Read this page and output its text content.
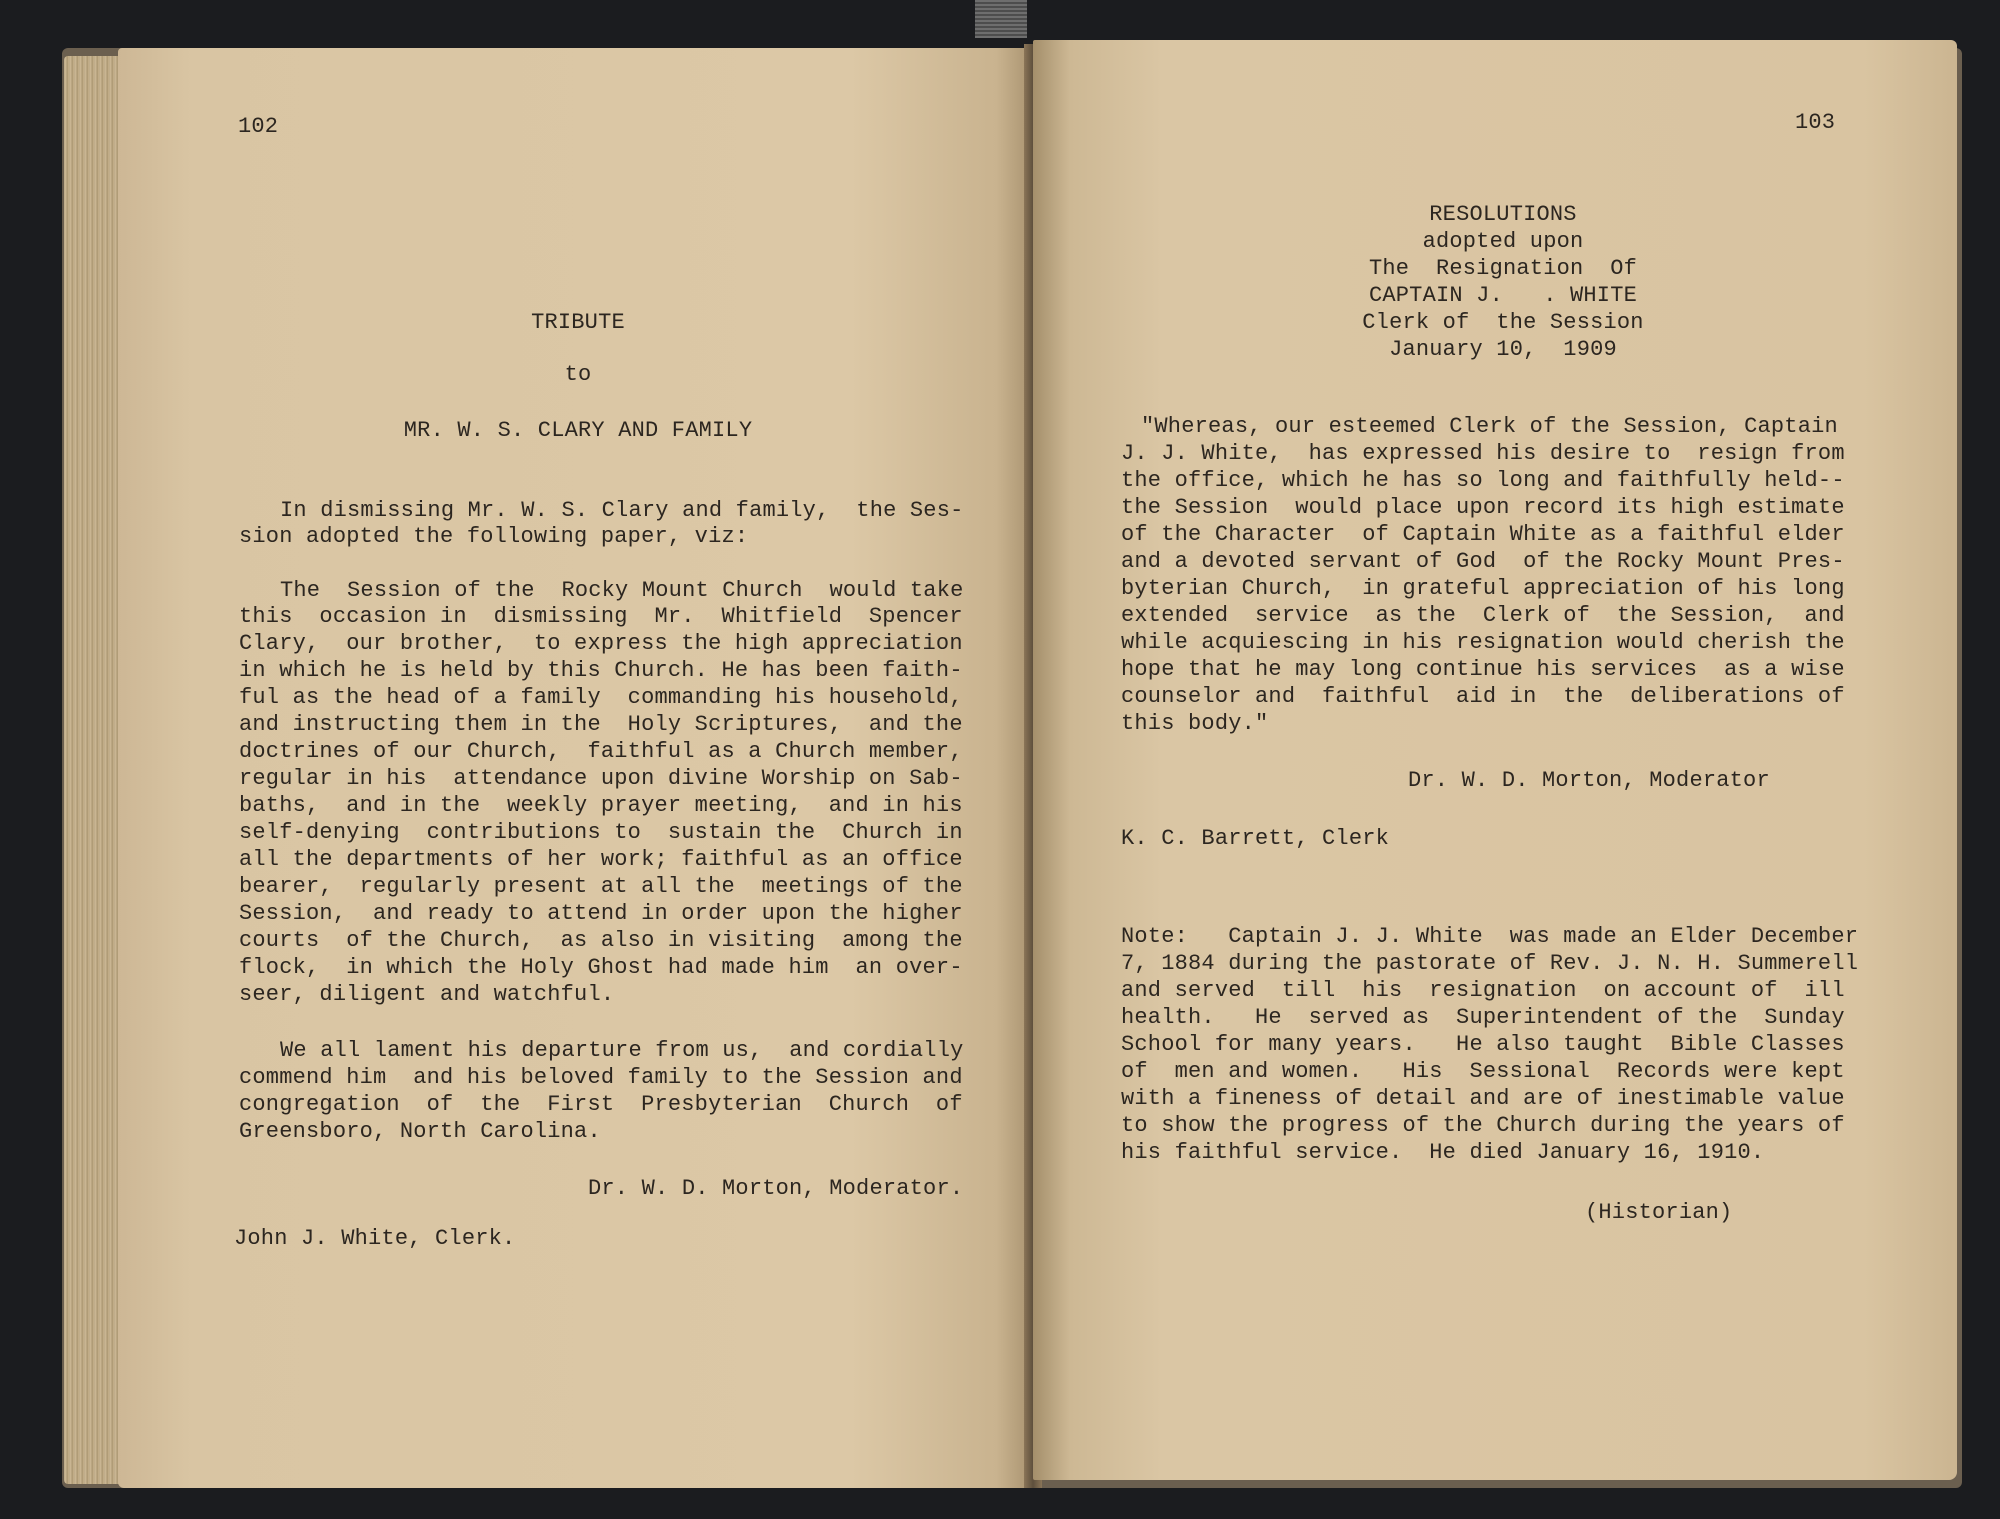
102
TRIBUTE
to
MR. W. S. CLARY AND FAMILY
In dismissing Mr. W. S. Clary and family,  the Ses-
sion adopted the following paper, viz:
The  Session of the  Rocky Mount Church  would take
this  occasion in  dismissing  Mr.  Whitfield  Spencer
Clary,  our brother,  to express the high appreciation
in which he is held by this Church. He has been faith-
ful as the head of a family  commanding his household,
and instructing them in the  Holy Scriptures,  and the
doctrines of our Church,  faithful as a Church member,
regular in his  attendance upon divine Worship on Sab-
baths,  and in the  weekly prayer meeting,  and in his
self-denying  contributions to  sustain the  Church in
all the departments of her work; faithful as an office
bearer,  regularly present at all the  meetings of the
Session,  and ready to attend in order upon the higher
courts  of the Church,  as also in visiting  among the
flock,  in which the Holy Ghost had made him  an over-
seer, diligent and watchful.
We all lament his departure from us,  and cordially
commend him  and his beloved family to the Session and
congregation  of  the  First  Presbyterian  Church  of
Greensboro, North Carolina.
Dr. W. D. Morton, Moderator.
John J. White, Clerk.
103
RESOLUTIONS
adopted upon
The  Resignation  Of
CAPTAIN J.   . WHITE
Clerk of  the Session
January 10,  1909
"Whereas, our esteemed Clerk of the Session, Captain
J. J. White,  has expressed his desire to  resign from
the office, which he has so long and faithfully held--
the Session  would place upon record its high estimate
of the Character  of Captain White as a faithful elder
and a devoted servant of God  of the Rocky Mount Pres-
byterian Church,  in grateful appreciation of his long
extended  service  as the  Clerk of  the Session,  and
while acquiescing in his resignation would cherish the
hope that he may long continue his services  as a wise
counselor and  faithful  aid in  the  deliberations of
this body."
Dr. W. D. Morton, Moderator
K. C. Barrett, Clerk
Note:   Captain J. J. White  was made an Elder December
7, 1884 during the pastorate of Rev. J. N. H. Summerell
and served  till  his  resignation  on account of  ill
health.   He  served as  Superintendent of the  Sunday
School for many years.   He also taught  Bible Classes
of  men and women.   His  Sessional  Records were kept
with a fineness of detail and are of inestimable value
to show the progress of the Church during the years of
his faithful service.  He died January 16, 1910.
(Historian)
